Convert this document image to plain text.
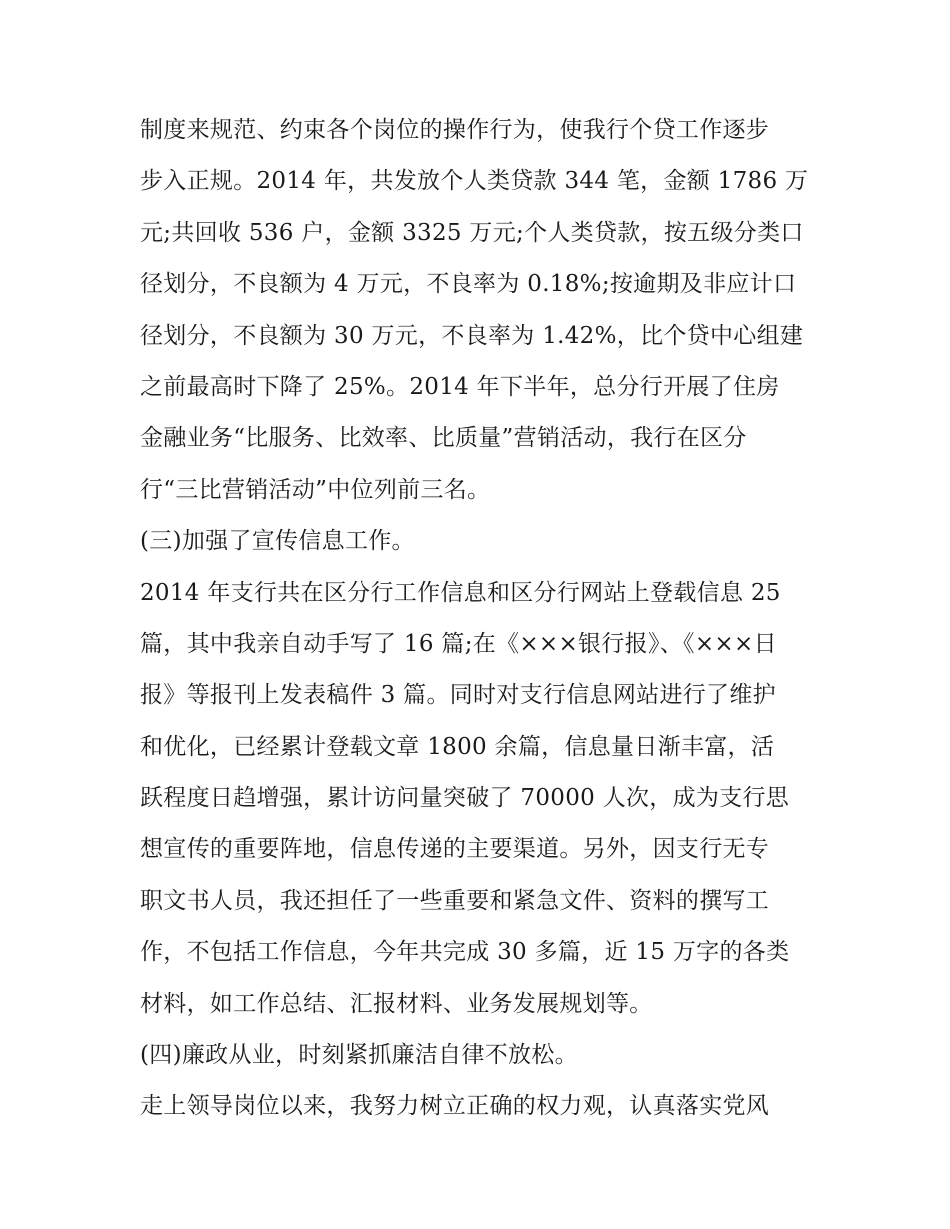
制度来规范、约束各个岗位的操作行为，使我行个贷工作逐步
步入正规。2014 年，共发放个人类贷款 344 笔，金额 1786 万
元;共回收 536 户，金额 3325 万元;个人类贷款，按五级分类口
径划分，不良额为 4 万元，不良率为 0.18%;按逾期及非应计口
径划分，不良额为 30 万元，不良率为 1.42%，比个贷中心组建
之前最高时下降了 25%。2014 年下半年，总分行开展了住房
金融业务“比服务、比效率、比质量”营销活动，我行在区分
行“三比营销活动”中位列前三名。
(三)加强了宣传信息工作。
2014 年支行共在区分行工作信息和区分行网站上登载信息 25
篇，其中我亲自动手写了 16 篇;在《×××银行报》、《×××日
报》等报刊上发表稿件 3 篇。同时对支行信息网站进行了维护
和优化，已经累计登载文章 1800 余篇，信息量日渐丰富，活
跃程度日趋增强，累计访问量突破了 70000 人次，成为支行思
想宣传的重要阵地，信息传递的主要渠道。另外，因支行无专
职文书人员，我还担任了一些重要和紧急文件、资料的撰写工
作，不包括工作信息，今年共完成 30 多篇，近 15 万字的各类
材料，如工作总结、汇报材料、业务发展规划等。
(四)廉政从业，时刻紧抓廉洁自律不放松。
走上领导岗位以来，我努力树立正确的权力观，认真落实党风
